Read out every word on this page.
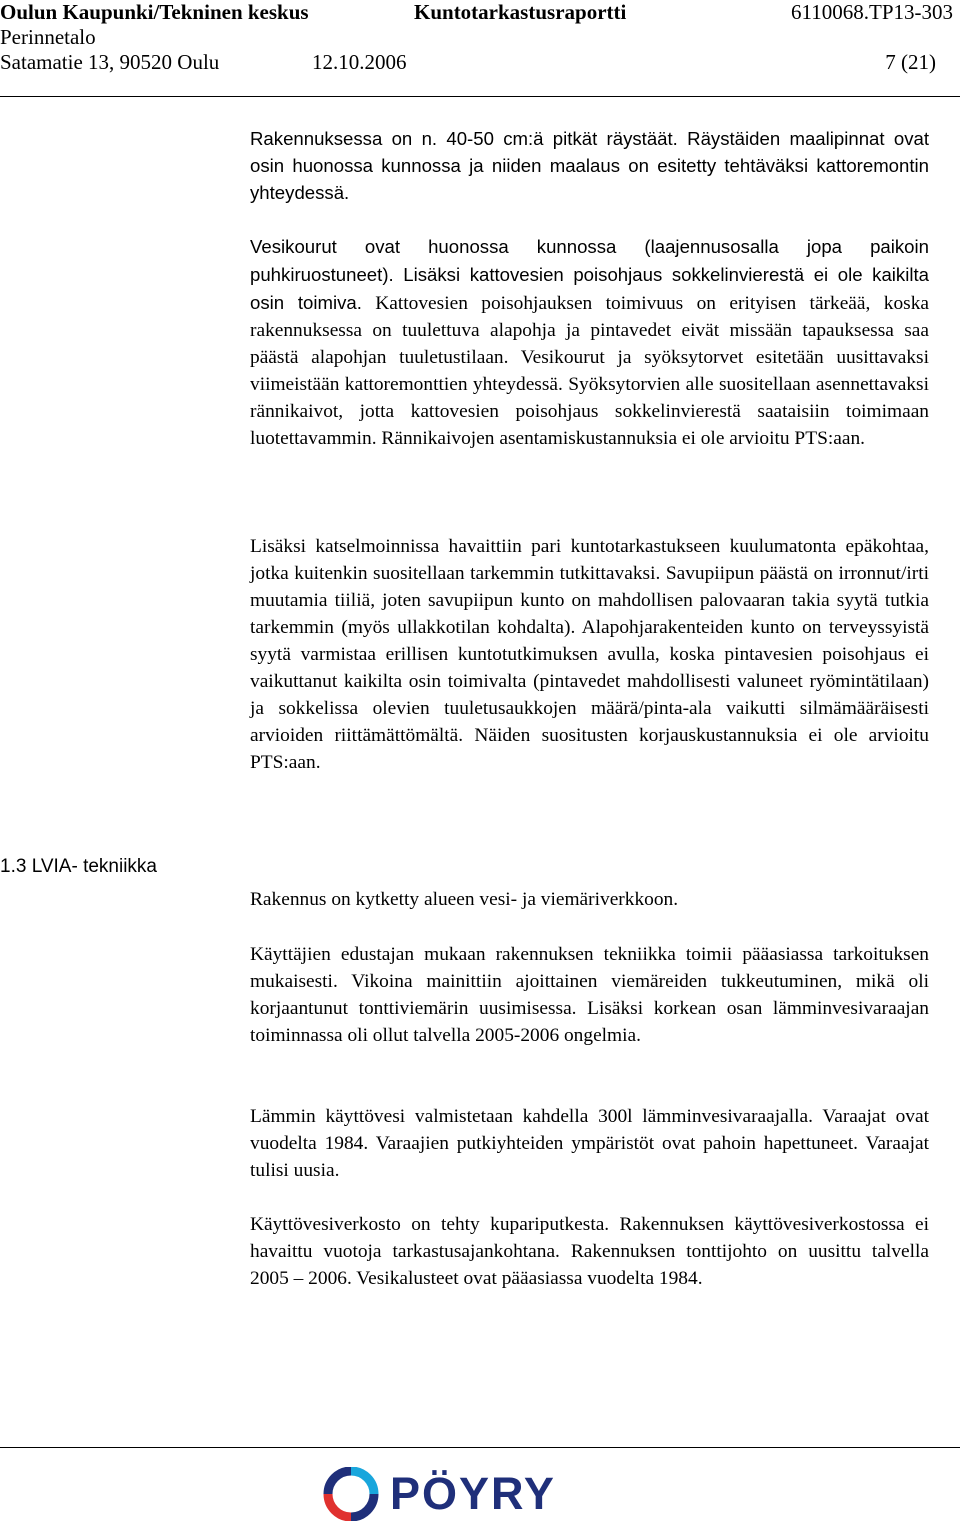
Oulun Kaupunki/Tekninen keskus	Kuntotarkastusraportti	6110068.TP13-303
Perinnetalo
Satamatie 13, 90520 Oulu	12.10.2006	7 (21)

Rakennuksessa on n. 40-50 cm:ä pitkät räystäät. Räystäiden maalipinnat ovat osin huonossa kunnossa ja niiden maalaus on esitetty tehtäväksi kattoremontin yhteydessä.

Vesikourut ovat huonossa kunnossa (laajennusosalla jopa paikoin puhkiruostuneet). Lisäksi kattovesien poisohjaus sokkelinvierestä ei ole kaikilta osin toimiva. Kattovesien poisohjauksen toimivuus on erityisen tärkeää, koska rakennuksessa on tuulettuva alapohja ja pintavedet eivät missään tapauksessa saa päästä alapohjan tuuletustilaan. Vesikourut ja syöksytorvet esitetään uusittavaksi viimeistään kattoremonttien yhteydessä. Syöksytorvien alle suositellaan asennettavaksi rännikaivot, jotta kattovesien poisohjaus sokkelinvierestä saataisiin toimimaan luotettavammin. Rännikaivojen asentamiskustannuksia ei ole arvioitu PTS:aan.

Lisäksi katselmoinnissa havaittiin pari kuntotarkastukseen kuulumatonta epäkohtaa, jotka kuitenkin suositellaan tarkemmin tutkittavaksi. Savupiipun päästä on irronnut/irti muutamia tiiliä, joten savupiipun kunto on mahdollisen palovaaran takia syytä tutkia tarkemmin (myös ullakkotilan kohdalta). Alapohjarakenteiden kunto on terveyssyistä syytä varmistaa erillisen kuntotutkimuksen avulla, koska pintavesien poisohjaus ei vaikuttanut kaikilta osin toimivalta (pintavedet mahdollisesti valuneet ryömintätilaan) ja sokkelissa olevien tuuletusaukkojen määrä/pinta-ala vaikutti silmämääräisesti arvioiden riittämättömältä. Näiden suositusten korjauskustannuksia ei ole arvioitu PTS:aan.

1.3 LVIA- tekniikka

Rakennus on kytketty alueen vesi- ja viemäriverkkoon.

Käyttäjien edustajan mukaan rakennuksen tekniikka toimii pääasiassa tarkoituksen mukaisesti. Vikoina mainittiin ajoittainen viemäreiden tukkeutuminen, mikä oli korjaantunut tonttiviemärin uusimisessa. Lisäksi korkean osan lämminvesivaraajan toiminnassa oli ollut talvella 2005-2006 ongelmia.

Lämmin käyttövesi valmistetaan kahdella 300l lämminvesivaraajalla. Varaajat ovat vuodelta 1984. Varaajien putkiyhteiden ympäristöt ovat pahoin hapettuneet. Varaajat tulisi uusia.

Käyttövesiverkosto on tehty kupariputkesta. Rakennuksen käyttövesiverkostossa ei havaittu vuotoja tarkastusajankohtana. Rakennuksen tonttijohto on uusittu talvella 2005 – 2006. Vesikalusteet ovat pääasiassa vuodelta 1984.

PÖYRY
